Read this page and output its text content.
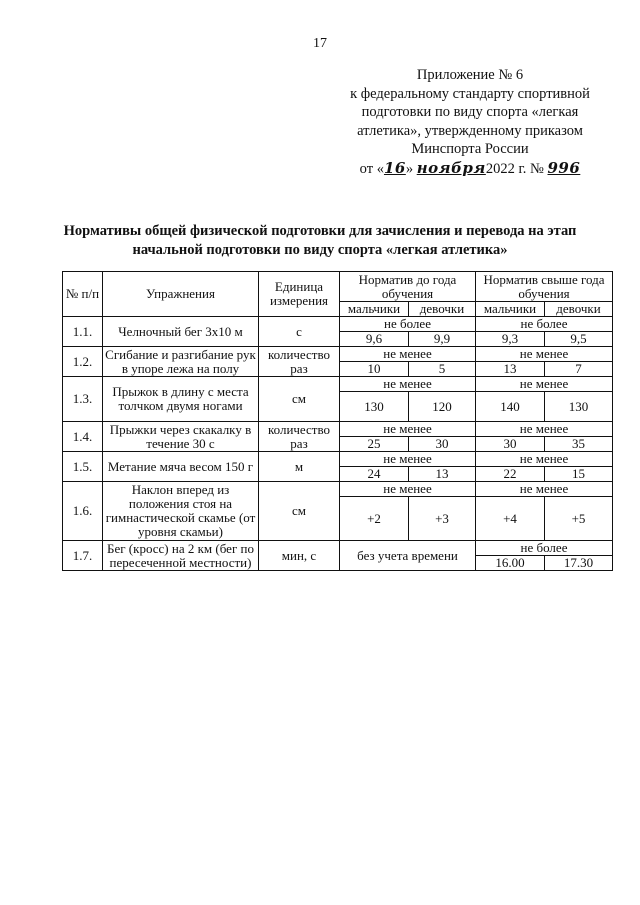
17
Приложение № 6
к федеральному стандарту спортивной
подготовки по виду спорта «легкая
атлетика», утвержденному приказом
Минспорта России
от «16» ноября2022 г. № 996
Нормативы общей физической подготовки для зачисления и перевода на этап
начальной подготовки по виду спорта «легкая атлетика»
№ п/п	Упражнения	Единица измерения	Норматив до года обучения		Норматив свыше года обучения	
			мальчики	девочки	мальчики	девочки
1.1.	Челночный бег 3х10 м	с	не более		не более	
			9,6	9,9	9,3	9,5
1.2.	Сгибание и разгибание рук в упоре лежа на полу	количество раз	не менее		не менее	
			10	5	13	7
1.3.	Прыжок в длину с места толчком двумя ногами	см	не менее		не менее	
			130	120	140	130
1.4.	Прыжки через скакалку в течение 30 с	количество раз	не менее		не менее	
			25	30	30	35
1.5.	Метание мяча весом 150 г	м	не менее		не менее	
			24	13	22	15
1.6.	Наклон вперед из положения стоя на гимнастической скамье (от уровня скамьи)	см	не менее		не менее	
			+2	+3	+4	+5
1.7.	Бег (кросс) на 2 км (бег по пересеченной местности)	мин, с	без учета времени		не более	
					16.00	17.30
